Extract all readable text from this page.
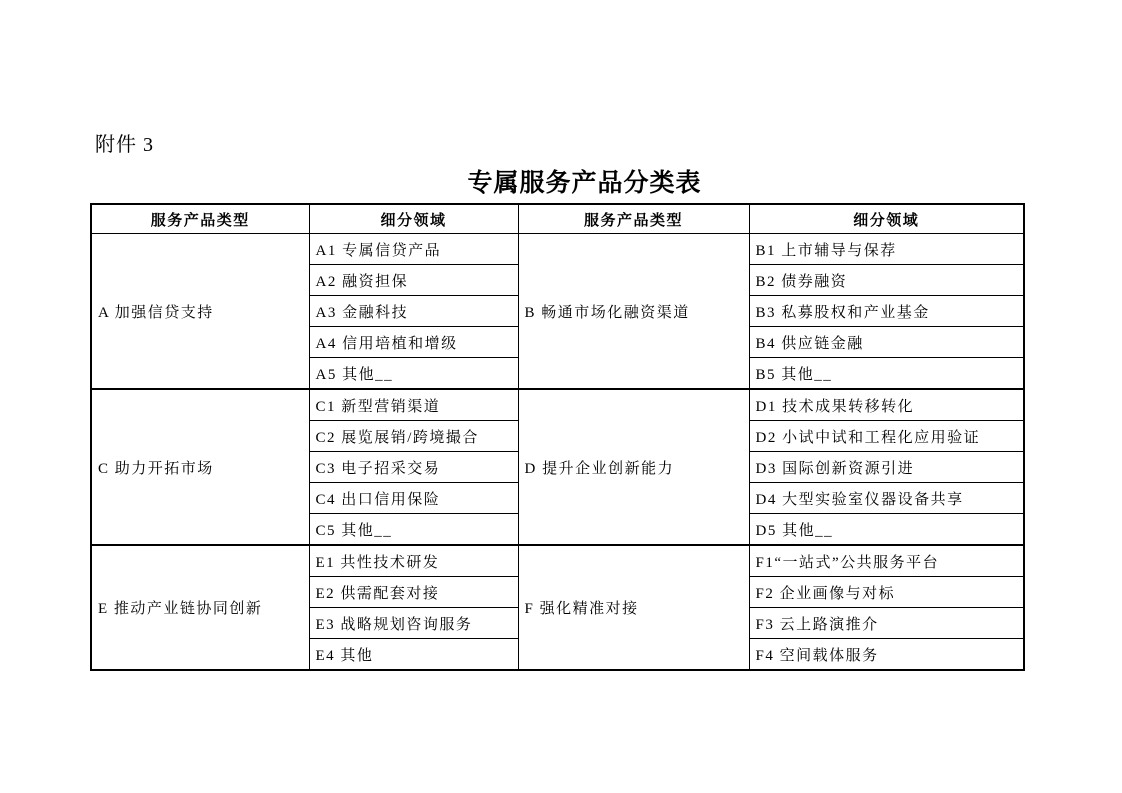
附件 3
专属服务产品分类表
服务产品类型	细分领域	服务产品类型	细分领域
A 加强信贷支持	A1 专属信贷产品	B 畅通市场化融资渠道	B1 上市辅导与保荐
	A2 融资担保		B2 债券融资
	A3 金融科技		B3 私募股权和产业基金
	A4 信用培植和增级		B4 供应链金融
	A5 其他__		B5 其他__
C 助力开拓市场	C1 新型营销渠道	D 提升企业创新能力	D1 技术成果转移转化
	C2 展览展销/跨境撮合		D2 小试中试和工程化应用验证
	C3 电子招采交易		D3 国际创新资源引进
	C4 出口信用保险		D4 大型实验室仪器设备共享
	C5 其他__		D5 其他__
E 推动产业链协同创新	E1 共性技术研发	F 强化精准对接	F1“一站式”公共服务平台
	E2 供需配套对接		F2 企业画像与对标
	E3 战略规划咨询服务		F3 云上路演推介
	E4 其他		F4 空间载体服务
